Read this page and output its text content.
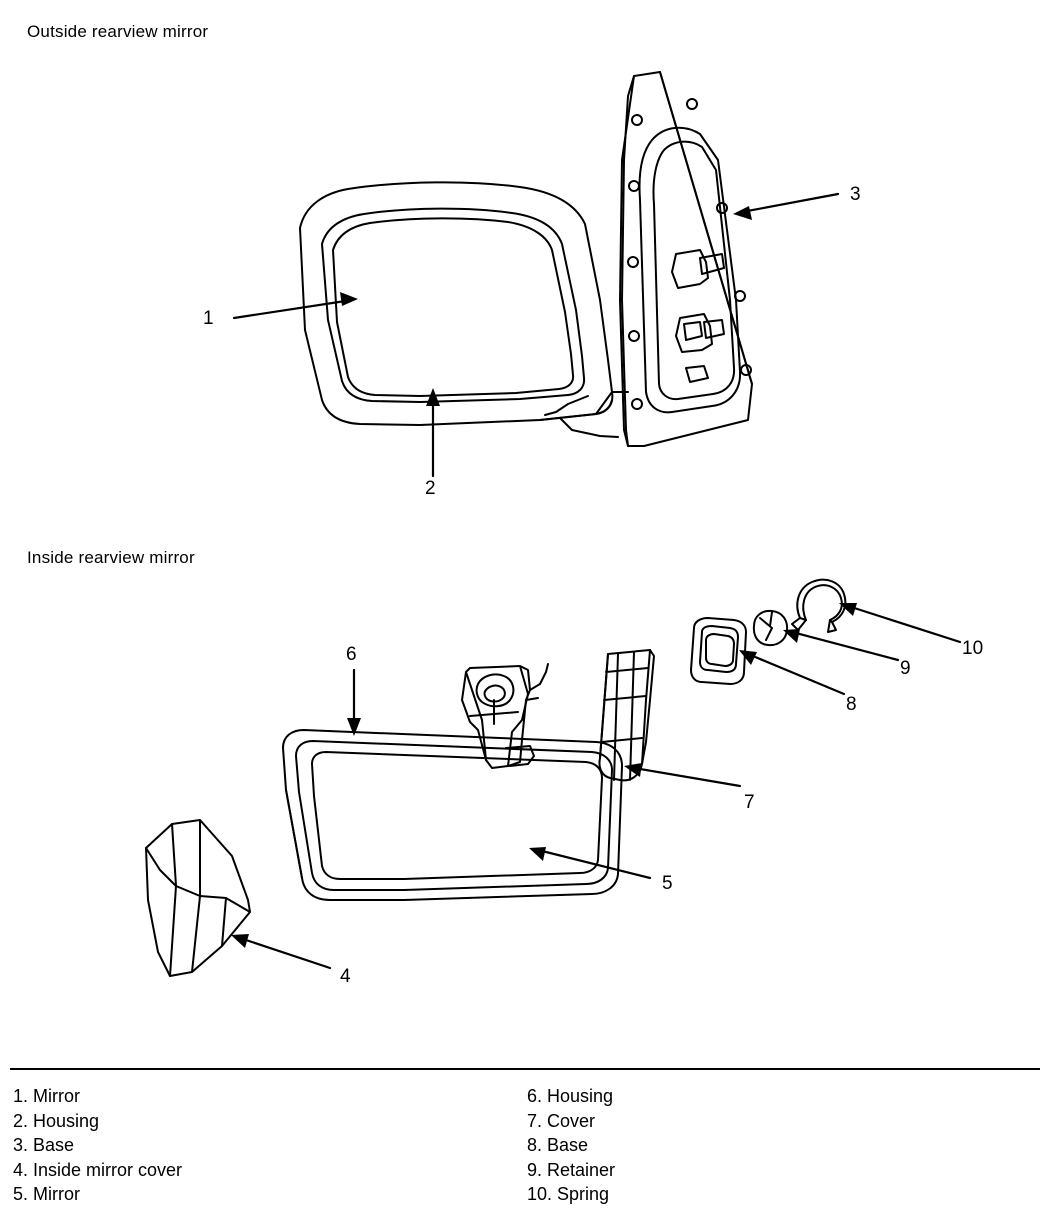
Outside rearview mirror
Inside rearview mirror
1
2
3
4
5
6
7
8
9
10
1. Mirror
2. Housing
3. Base
4. Inside mirror cover
5. Mirror
6. Housing
7. Cover
8. Base
9. Retainer
10. Spring
